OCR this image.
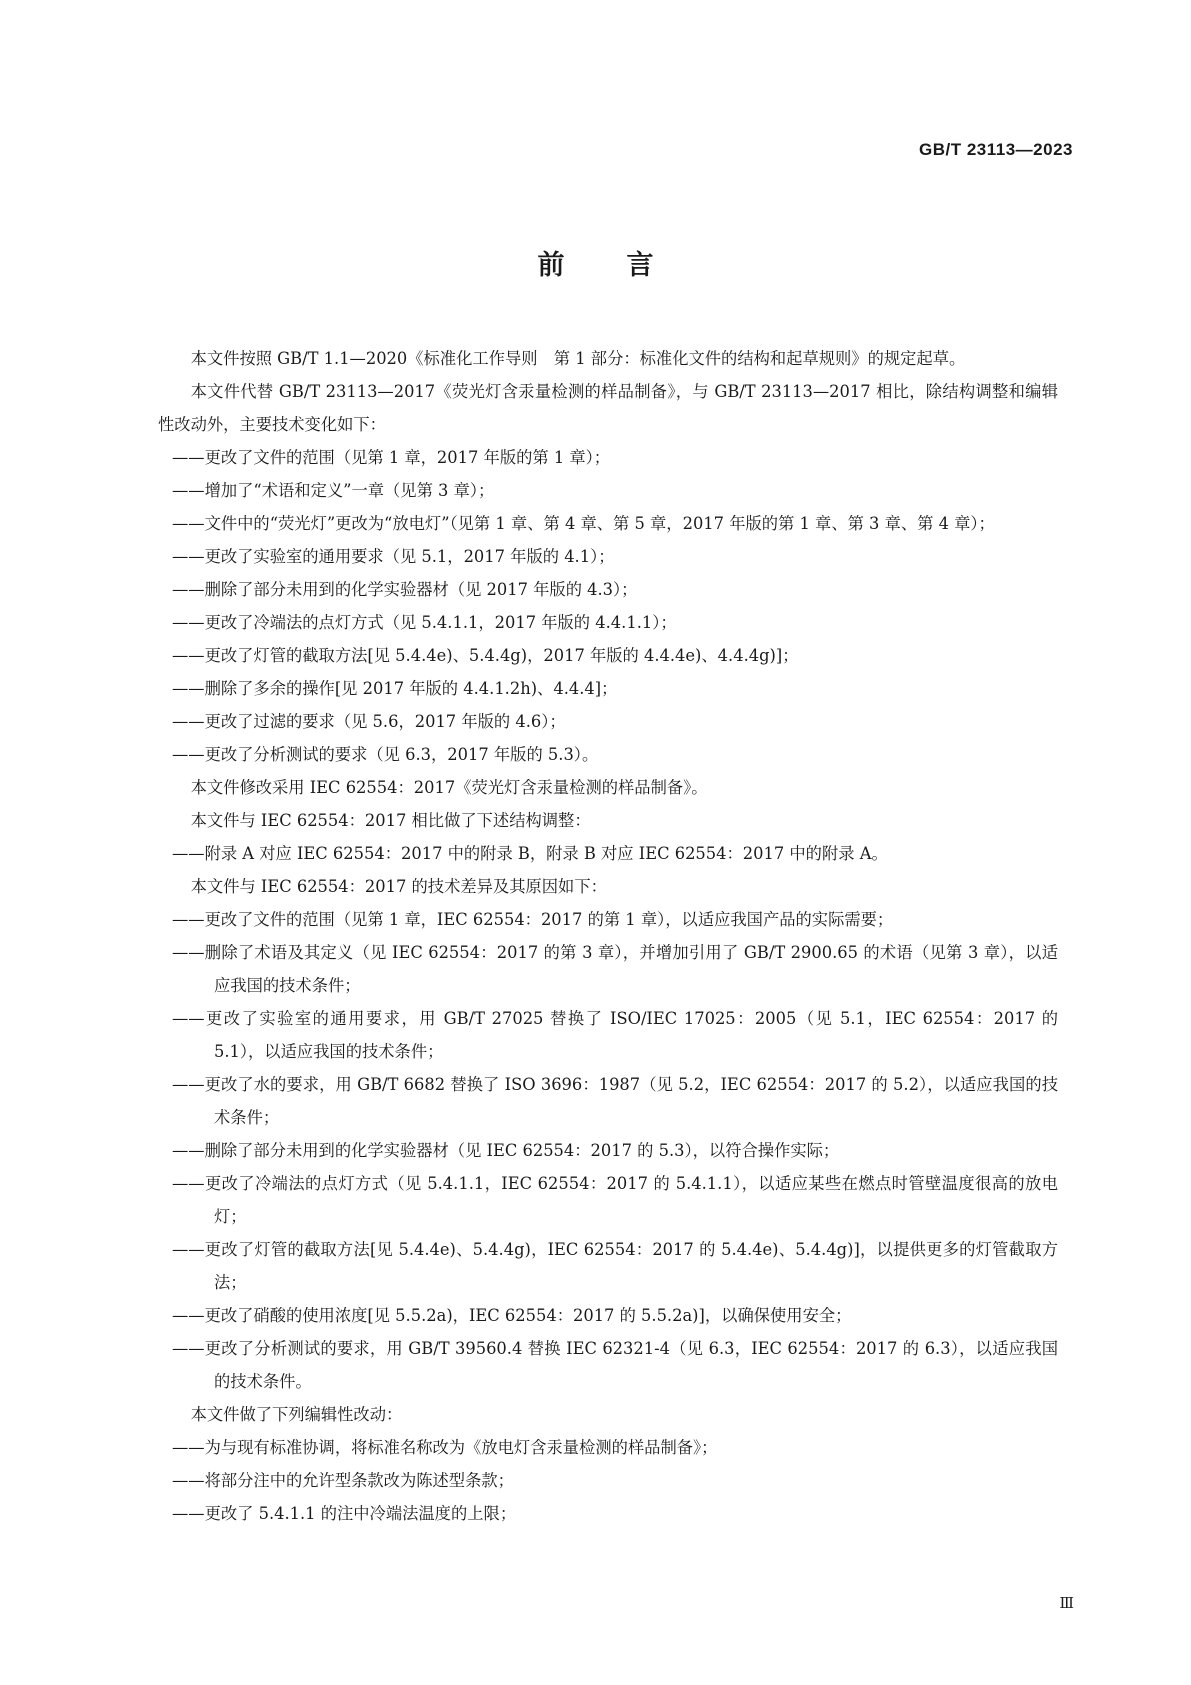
GB/T 23113—2023
前言

本文件按照 GB/T 1.1—2020《标准化工作导则　第 1 部分：标准化文件的结构和起草规则》的规定起草。

本文件代替 GB/T 23113—2017《荧光灯含汞量检测的样品制备》，与 GB/T 23113—2017 相比，除结构调整和编辑性改动外，主要技术变化如下：

——更改了文件的范围（见第 1 章，2017 年版的第 1 章）；

——增加了“术语和定义”一章（见第 3 章）；

——文件中的“荧光灯”更改为“放电灯”（见第 1 章、第 4 章、第 5 章，2017 年版的第 1 章、第 3 章、第 4 章）；

——更改了实验室的通用要求（见 5.1，2017 年版的 4.1）；

——删除了部分未用到的化学实验器材（见 2017 年版的 4.3）；

——更改了冷端法的点灯方式（见 5.4.1.1，2017 年版的 4.4.1.1）；

——更改了灯管的截取方法[见 5.4.4e)、5.4.4g)，2017 年版的 4.4.4e)、4.4.4g)]；

——删除了多余的操作[见 2017 年版的 4.4.1.2h)、4.4.4]；

——更改了过滤的要求（见 5.6，2017 年版的 4.6）；

——更改了分析测试的要求（见 6.3，2017 年版的 5.3）。

本文件修改采用 IEC 62554：2017《荧光灯含汞量检测的样品制备》。

本文件与 IEC 62554：2017 相比做了下述结构调整：

——附录 A 对应 IEC 62554：2017 中的附录 B，附录 B 对应 IEC 62554：2017 中的附录 A。

本文件与 IEC 62554：2017 的技术差异及其原因如下：

——更改了文件的范围（见第 1 章，IEC 62554：2017 的第 1 章），以适应我国产品的实际需要；

——删除了术语及其定义（见 IEC 62554：2017 的第 3 章），并增加引用了 GB/T 2900.65 的术语（见第 3 章），以适应我国的技术条件；

——更改了实验室的通用要求，用 GB/T 27025 替换了 ISO/IEC 17025：2005（见 5.1，IEC 62554：2017 的 5.1），以适应我国的技术条件；

——更改了水的要求，用 GB/T 6682 替换了 ISO 3696：1987（见 5.2，IEC 62554：2017 的 5.2），以适应我国的技术条件；

——删除了部分未用到的化学实验器材（见 IEC 62554：2017 的 5.3），以符合操作实际；

——更改了冷端法的点灯方式（见 5.4.1.1，IEC 62554：2017 的 5.4.1.1），以适应某些在燃点时管壁温度很高的放电灯；

——更改了灯管的截取方法[见 5.4.4e)、5.4.4g)，IEC 62554：2017 的 5.4.4e)、5.4.4g)]，以提供更多的灯管截取方法；

——更改了硝酸的使用浓度[见 5.5.2a)，IEC 62554：2017 的 5.5.2a)]，以确保使用安全；

——更改了分析测试的要求，用 GB/T 39560.4 替换 IEC 62321-4（见 6.3，IEC 62554：2017 的 6.3），以适应我国的技术条件。

本文件做了下列编辑性改动：

——为与现有标准协调，将标准名称改为《放电灯含汞量检测的样品制备》；

——将部分注中的允许型条款改为陈述型条款；

——更改了 5.4.1.1 的注中冷端法温度的上限；

Ⅲ
